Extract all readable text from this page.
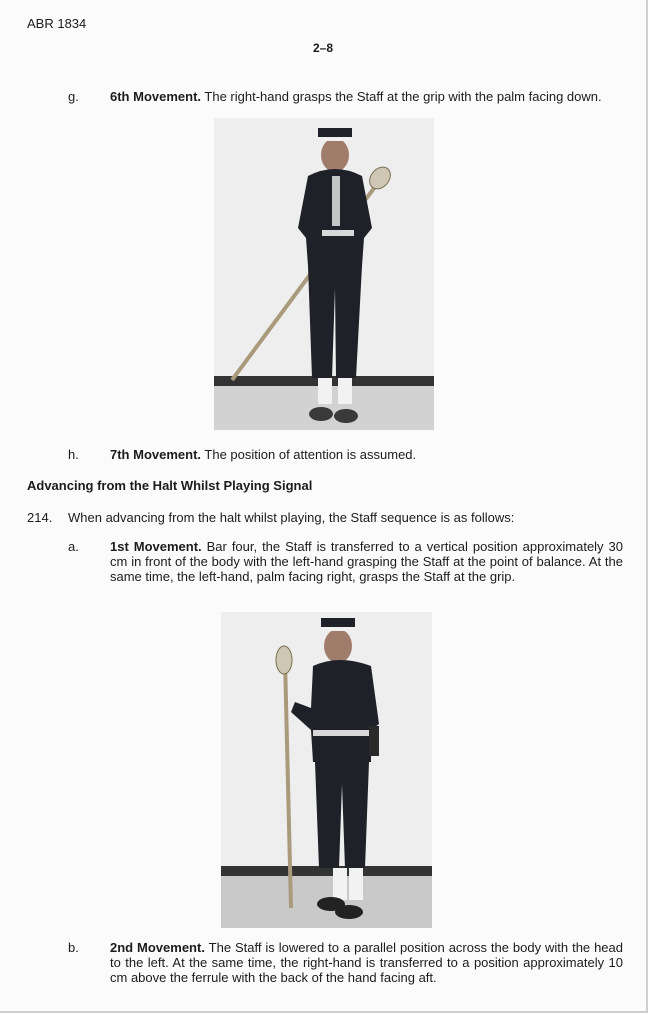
ABR 1834
2–8
g. 6th Movement. The right-hand grasps the Staff at the grip with the palm facing down.
h. 7th Movement. The position of attention is assumed.
Advancing from the Halt Whilst Playing Signal
214. When advancing from the halt whilst playing, the Staff sequence is as follows:
a. 1st Movement. Bar four, the Staff is transferred to a vertical position approximately 30 cm in front of the body with the left-hand grasping the Staff at the point of balance. At the same time, the left-hand, palm facing right, grasps the Staff at the grip.
b. 2nd Movement. The Staff is lowered to a parallel position across the body with the head to the left. At the same time, the right-hand is transferred to a position approximately 10 cm above the ferrule with the back of the hand facing aft.
